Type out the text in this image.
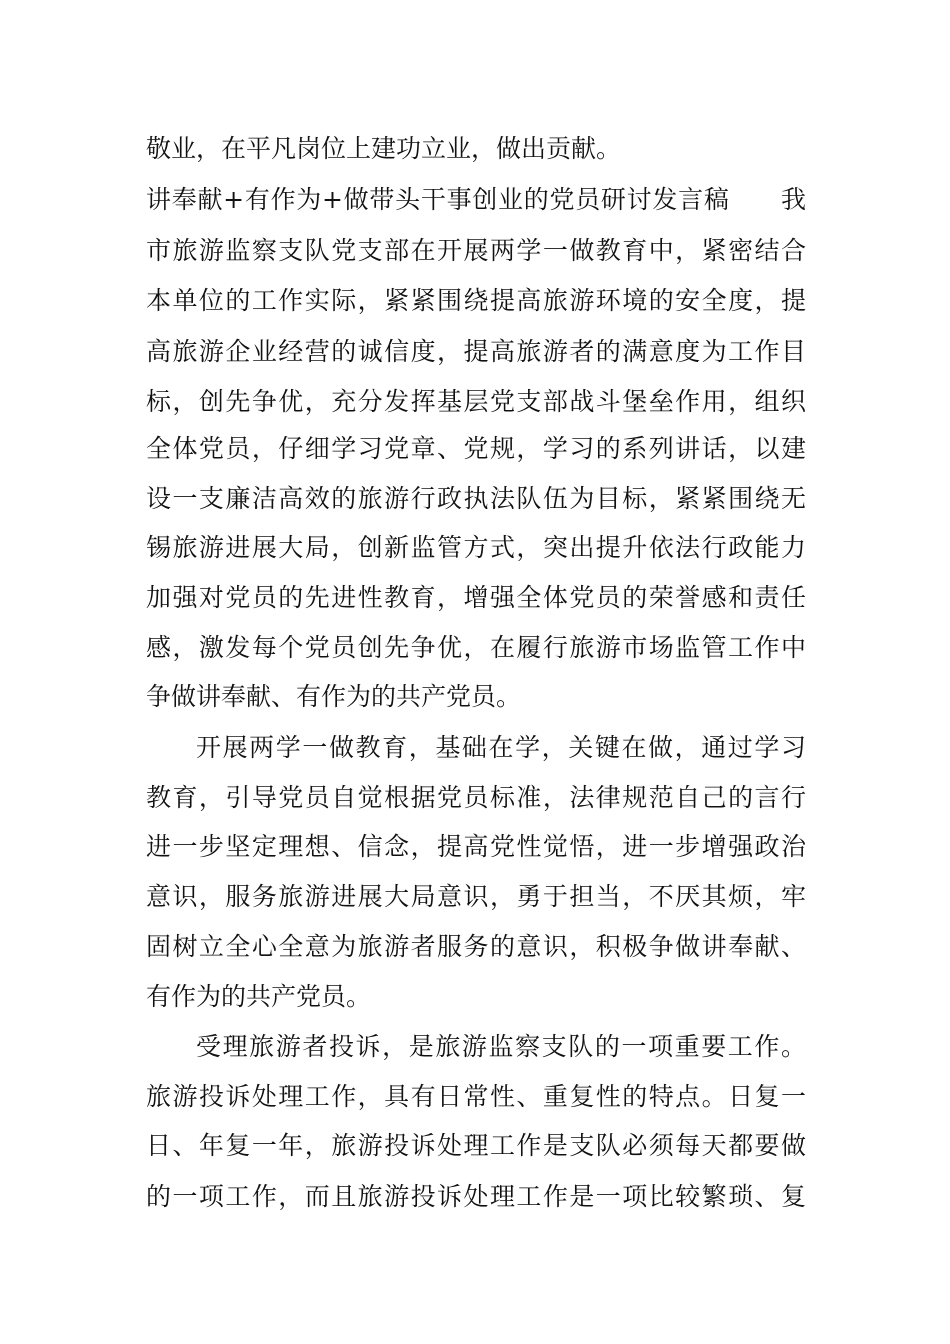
敬业，在平凡岗位上建功立业，做出贡献。
讲奉献+有作为+做带头干事创业的党员研讨发言稿　　我
市旅游监察支队党支部在开展两学一做教育中，紧密结合
本单位的工作实际，紧紧围绕提高旅游环境的安全度，提
高旅游企业经营的诚信度，提高旅游者的满意度为工作目
标，创先争优，充分发挥基层党支部战斗堡垒作用，组织
全体党员，仔细学习党章、党规，学习的系列讲话，以建
设一支廉洁高效的旅游行政执法队伍为目标，紧紧围绕无
锡旅游进展大局，创新监管方式，突出提升依法行政能力
加强对党员的先进性教育，增强全体党员的荣誉感和责任
感，激发每个党员创先争优，在履行旅游市场监管工作中
争做讲奉献、有作为的共产党员。
开展两学一做教育，基础在学，关键在做，通过学习
教育，引导党员自觉根据党员标准，法律规范自己的言行
进一步坚定理想、信念，提高党性觉悟，进一步增强政治
意识，服务旅游进展大局意识，勇于担当，不厌其烦，牢
固树立全心全意为旅游者服务的意识，积极争做讲奉献、
有作为的共产党员。
受理旅游者投诉，是旅游监察支队的一项重要工作。
旅游投诉处理工作，具有日常性、重复性的特点。日复一
日、年复一年，旅游投诉处理工作是支队必须每天都要做
的一项工作，而且旅游投诉处理工作是一项比较繁琐、复
